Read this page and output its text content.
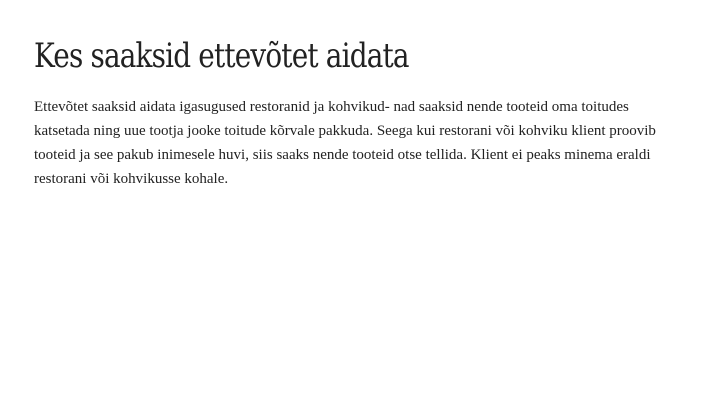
Kes saaksid ettevõtet aidata

Ettevõtet saaksid aidata igasugused restoranid ja kohvikud- nad saaksid nende tooteid oma toitudes katsetada ning uue tootja jooke toitude kõrvale pakkuda. Seega kui restorani või kohviku klient proovib tooteid ja see pakub inimesele huvi, siis saaks nende tooteid otse tellida. Klient ei peaks minema eraldi restorani või kohvikusse kohale.
